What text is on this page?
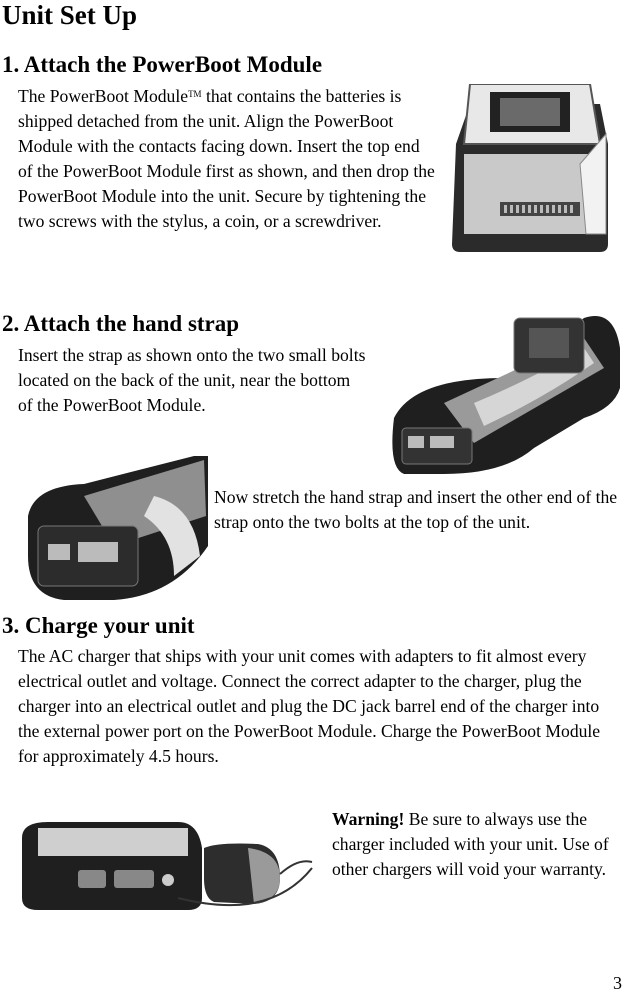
Unit Set Up
1. Attach the PowerBoot Module

The PowerBoot Module™ that contains the batteries is shipped detached from the unit. Align the PowerBoot Module with the contacts facing down. Insert the top end of the PowerBoot Module first as shown, and then drop the PowerBoot Module into the unit. Secure by tightening the two screws with the stylus, a coin, or a screwdriver.

2. Attach the hand strap

Insert the strap as shown onto the two small bolts located on the back of the unit, near the bottom of the PowerBoot Module.

Now stretch the hand strap and insert the other end of the strap onto the two bolts at the top of the unit.

3. Charge your unit

The AC charger that ships with your unit comes with adapters to fit almost every electrical outlet and voltage. Connect the correct adapter to the charger, plug the charger into an electrical outlet and plug the DC jack barrel end of the charger into the external power port on the PowerBoot Module. Charge the PowerBoot Module for approximately 4.5 hours.

Warning! Be sure to always use the charger included with your unit. Use of other chargers will void your warranty.

3
